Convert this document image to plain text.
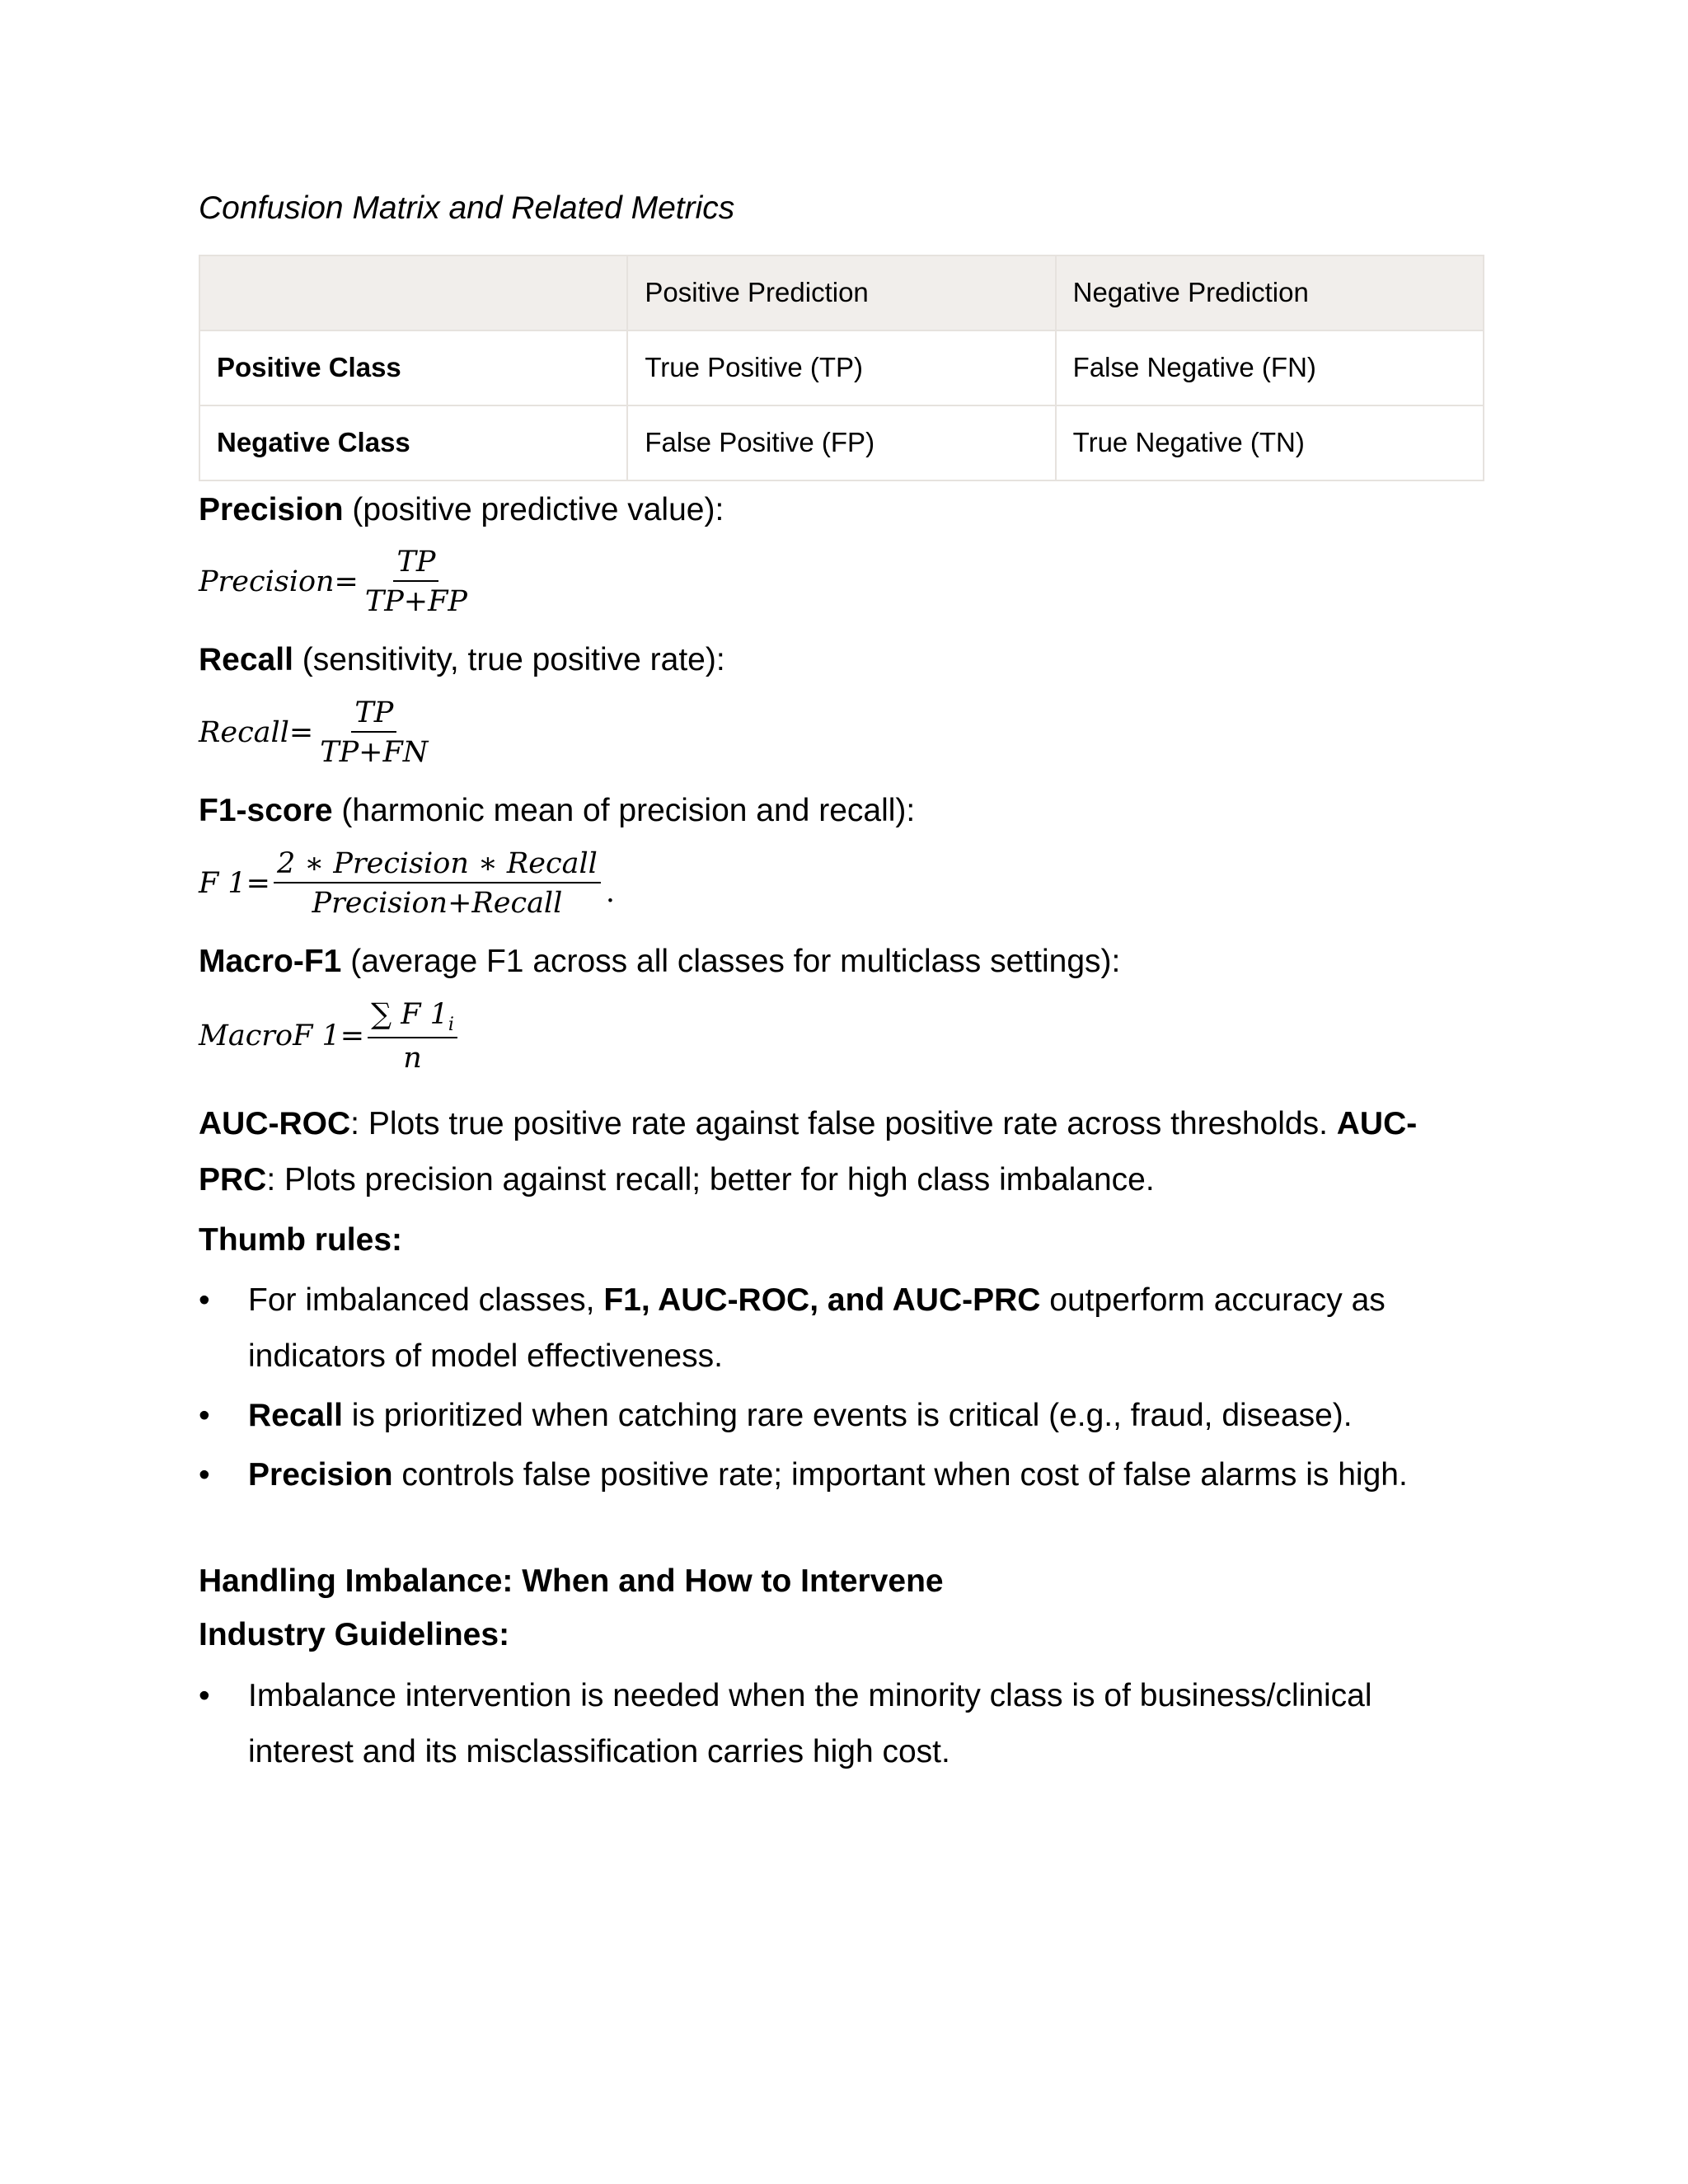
Confusion Matrix and Related Metrics
	Positive Prediction	Negative Prediction
Positive Class	True Positive (TP)	False Negative (FN)
Negative Class	False Positive (FP)	True Negative (TN)

Precision (positive predictive value):

Precision= $\frac{TP}{TP+FP}$

Recall (sensitivity, true positive rate):

Recall= $\frac{TP}{TP+FN}$

F1-score (harmonic mean of precision and recall):

F $1= \frac{\text{2 ∗ Precision ∗ Recall}}{\text{Precision+Recall}}$ .

Macro-F1 (average F1 across all classes for multiclass settings):

MacroF $1= \frac{\sum F 1_i}{n}$

AUC-ROC: Plots true positive rate against false positive rate across thresholds. AUC-PRC: Plots precision against recall; better for high class imbalance.

Thumb rules:
• For imbalanced classes, F1, AUC-ROC, and AUC-PRC outperform accuracy as indicators of model effectiveness.
• Recall is prioritized when catching rare events is critical (e.g., fraud, disease).
• Precision controls false positive rate; important when cost of false alarms is high.
Handling Imbalance: When and How to Intervene
Industry Guidelines:
• Imbalance intervention is needed when the minority class is of business/clinical interest and its misclassification carries high cost.
